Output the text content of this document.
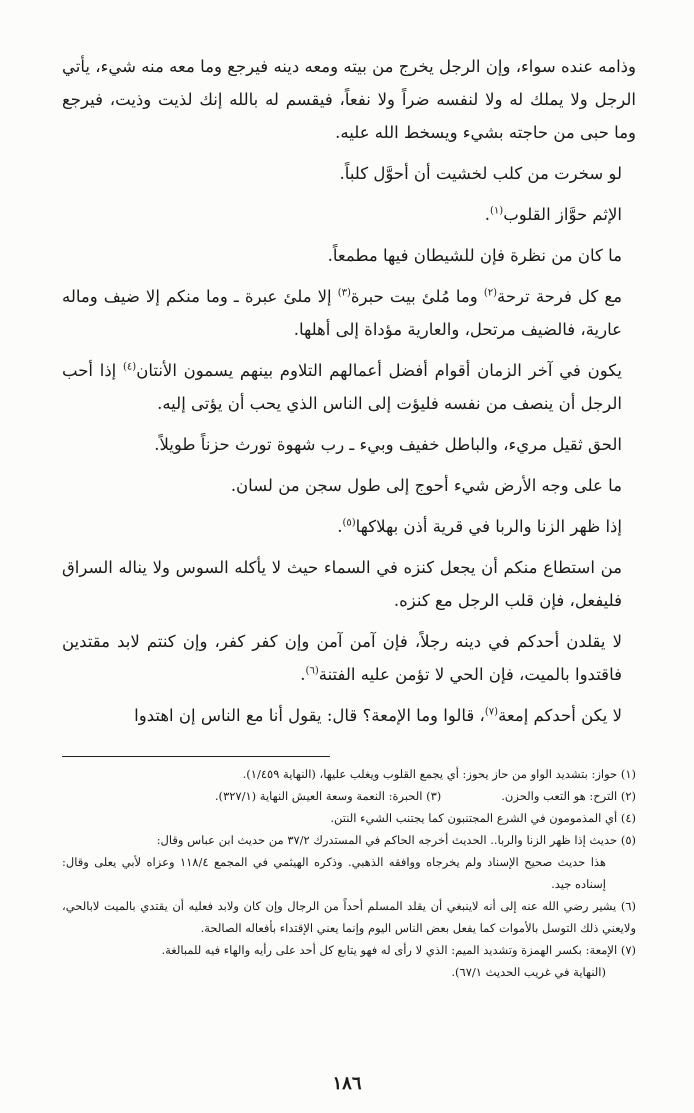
وذامه عنده سواء، وإن الرجل يخرج من بيته ومعه دينه فيرجع وما معه منه شيء، يأتي الرجل ولا يملك له ولا لنفسه ضراً ولا نفعاً، فيقسم له بالله إنك لذيت وذيت، فيرجع وما حبى من حاجته بشيء ويسخط الله عليه.

لو سخرت من كلب لخشيت أن أحوَّل كلباً.

الإثم حوَّاز القلوب$^{(١)}$.

ما كان من نظرة فإن للشيطان فيها مطمعاً.

مع كل فرحة ترحة$^{(٢)}$ وما مُلئ بيت حبرة$^{(٣)}$ إلا ملئ عبرة ـ وما منكم إلا ضيف وماله عارية، فالضيف مرتحل، والعارية مؤداة إلى أهلها.

يكون في آخر الزمان أقوام أفضل أعمالهم التلاوم بينهم يسمون الأنتان$^{(٤)}$ إذا أحب الرجل أن ينصف من نفسه فليؤت إلى الناس الذي يحب أن يؤتى إليه.

الحق ثقيل مريء، والباطل خفيف وبيء ـ رب شهوة تورث حزناً طويلاً.

ما على وجه الأرض شيء أحوج إلى طول سجن من لسان.

إذا ظهر الزنا والربا في قرية أذن بهلاكها$^{(٥)}$.

من استطاع منكم أن يجعل كنزه في السماء حيث لا يأكله السوس ولا يناله السراق فليفعل، فإن قلب الرجل مع كنزه.

لا يقلدن أحدكم في دينه رجلاً، فإن آمن آمن وإن كفر كفر، وإن كنتم لابد مقتدين فاقتدوا بالميت، فإن الحي لا تؤمن عليه الفتنة$^{(٦)}$.

لا يكن أحدكم إمعة$^{(٧)}$، قالوا وما الإمعة؟ قال: يقول أنا مع الناس إن اهتدوا

(١) حواز: بتشديد الواو من حاز يحوز: أي يجمع القلوب ويغلب عليها، (النهاية ١/٤٥٩).

(٢) الترح: هو التعب والحزن.
(٣) الحبرة: النعمة وسعة العيش النهاية (٣٢٧/١).

(٤) أي المذمومون في الشرع المجتنبون كما يجتنب الشيء النتن.

(٥) حديث إذا ظهر الزنا والربا.. الحديث أخرجه الحاكم في المستدرك ٣٧/٢ من حديث ابن عباس وقال:

هذا حديث صحيح الإسناد ولم يخرجاه ووافقه الذهبي. وذكره الهيثمي في المجمع ١١٨/٤ وعزاه لأبي يعلى وقال: إسناده جيد.

(٦) يشير رضي الله عنه إلى أنه لاينبغي أن يقلد المسلم أحداً من الرجال وإن كان ولابد فعليه أن يقتدي بالميت لابالحي، ولايعني ذلك التوسل بالأموات كما يفعل بعض الناس اليوم وإنما يعني الإقتداء بأفعاله الصالحة.

(٧) الإمعة: بكسر الهمزة وتشديد الميم: الذي لا رأى له فهو يتابع كل أحد على رأيه والهاء فيه للمبالغة.

(النهاية في غريب الحديث ٦٧/١).

١٨٦
